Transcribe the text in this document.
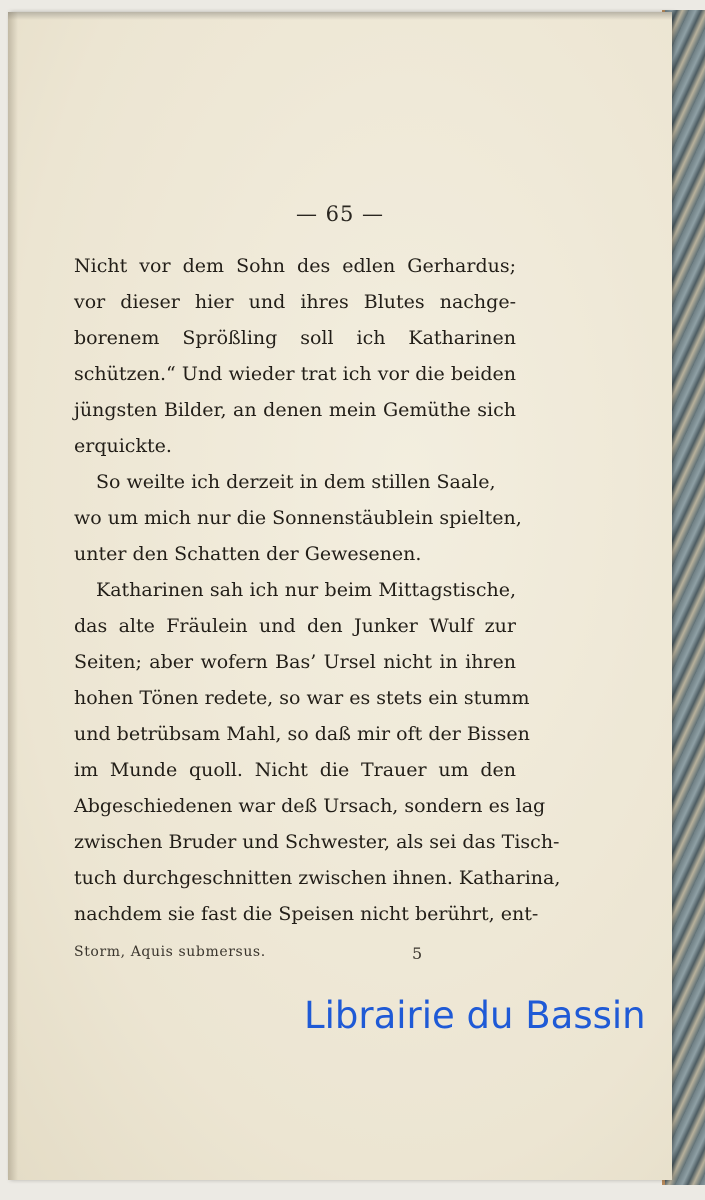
— 65 —
Nicht vor dem Sohn des edlen Gerhardus;
vor dieser hier und ihres Blutes nachge-
borenem Sprößling soll ich Katharinen
schützen.“ Und wieder trat ich vor die beiden
jüngsten Bilder, an denen mein Gemüthe sich
erquickte.
So weilte ich derzeit in dem stillen Saale,
wo um mich nur die Sonnenstäublein spielten,
unter den Schatten der Gewesenen.
Katharinen sah ich nur beim Mittagstische,
das alte Fräulein und den Junker Wulf zur
Seiten; aber wofern Bas’ Ursel nicht in ihren
hohen Tönen redete, so war es stets ein stumm
und betrübsam Mahl, so daß mir oft der Bissen
im Munde quoll. Nicht die Trauer um den
Abgeschiedenen war deß Ursach, sondern es lag
zwischen Bruder und Schwester, als sei das Tisch-
tuch durchgeschnitten zwischen ihnen. Katharina,
nachdem sie fast die Speisen nicht berührt, ent-
Storm, Aquis submersus.	5
Librairie du Bassin
